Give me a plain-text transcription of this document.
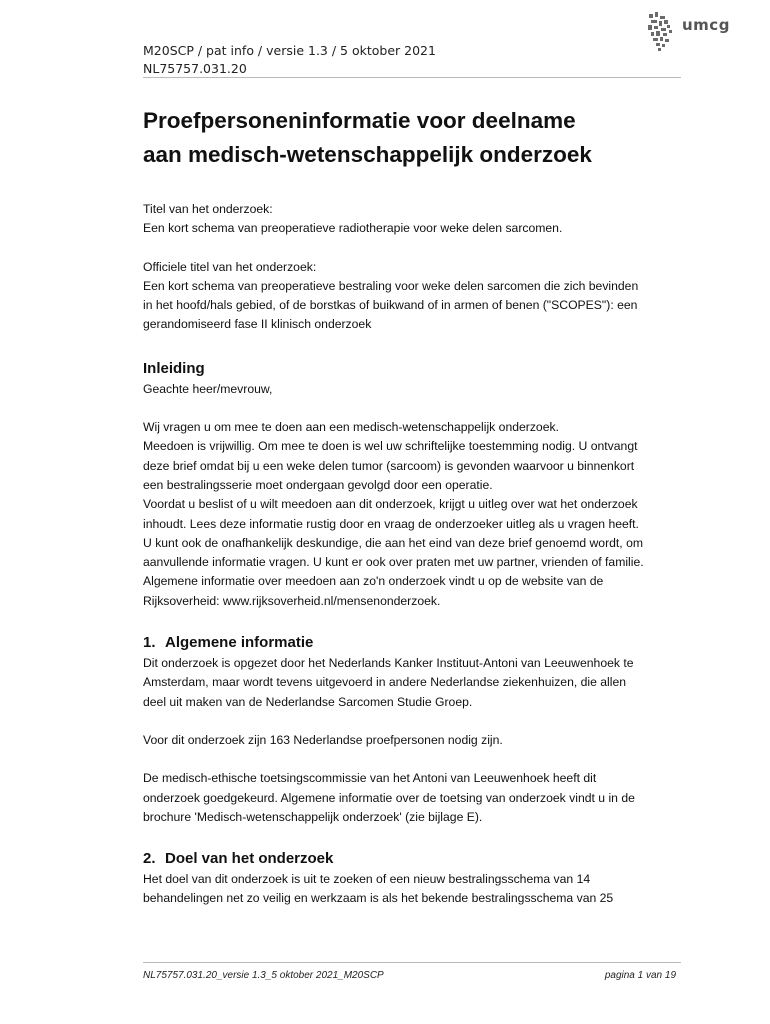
umcg
M20SCP / pat info / versie 1.3 / 5 oktober 2021
NL75757.031.20
Proefpersoneninformatie voor deelname
aan medisch-wetenschappelijk onderzoek

Titel van het onderzoek:

Een kort schema van preoperatieve radiotherapie voor weke delen sarcomen.

Officiele titel van het onderzoek:

Een kort schema van preoperatieve bestraling voor weke delen sarcomen die zich bevinden

in het hoofd/hals gebied, of de borstkas of buikwand of in armen of benen ("SCOPES"): een

gerandomiseerd fase II klinisch onderzoek

Inleiding

Geachte heer/mevrouw,

Wij vragen u om mee te doen aan een medisch-wetenschappelijk onderzoek.

Meedoen is vrijwillig. Om mee te doen is wel uw schriftelijke toestemming nodig. U ontvangt

deze brief omdat bij u een weke delen tumor (sarcoom) is gevonden waarvoor u binnenkort

een bestralingsserie moet ondergaan gevolgd door een operatie.

Voordat u beslist of u wilt meedoen aan dit onderzoek, krijgt u uitleg over wat het onderzoek

inhoudt. Lees deze informatie rustig door en vraag de onderzoeker uitleg als u vragen heeft.

U kunt ook de onafhankelijk deskundige, die aan het eind van deze brief genoemd wordt, om

aanvullende informatie vragen. U kunt er ook over praten met uw partner, vrienden of familie.

Algemene informatie over meedoen aan zo'n onderzoek vindt u op de website van de

Rijksoverheid: www.rijksoverheid.nl/mensenonderzoek.

1. Algemene informatie

Dit onderzoek is opgezet door het Nederlands Kanker Instituut-Antoni van Leeuwenhoek te

Amsterdam, maar wordt tevens uitgevoerd in andere Nederlandse ziekenhuizen, die allen

deel uit maken van de Nederlandse Sarcomen Studie Groep.

Voor dit onderzoek zijn 163 Nederlandse proefpersonen nodig zijn.

De medisch-ethische toetsingscommissie van het Antoni van Leeuwenhoek heeft dit

onderzoek goedgekeurd. Algemene informatie over de toetsing van onderzoek vindt u in de

brochure 'Medisch-wetenschappelijk onderzoek' (zie bijlage E).

2. Doel van het onderzoek

Het doel van dit onderzoek is uit te zoeken of een nieuw bestralingsschema van 14

behandelingen net zo veilig en werkzaam is als het bekende bestralingsschema van 25

NL75757.031.20_versie 1.3_5 oktober 2021_M20SCP	pagina 1 van 19
